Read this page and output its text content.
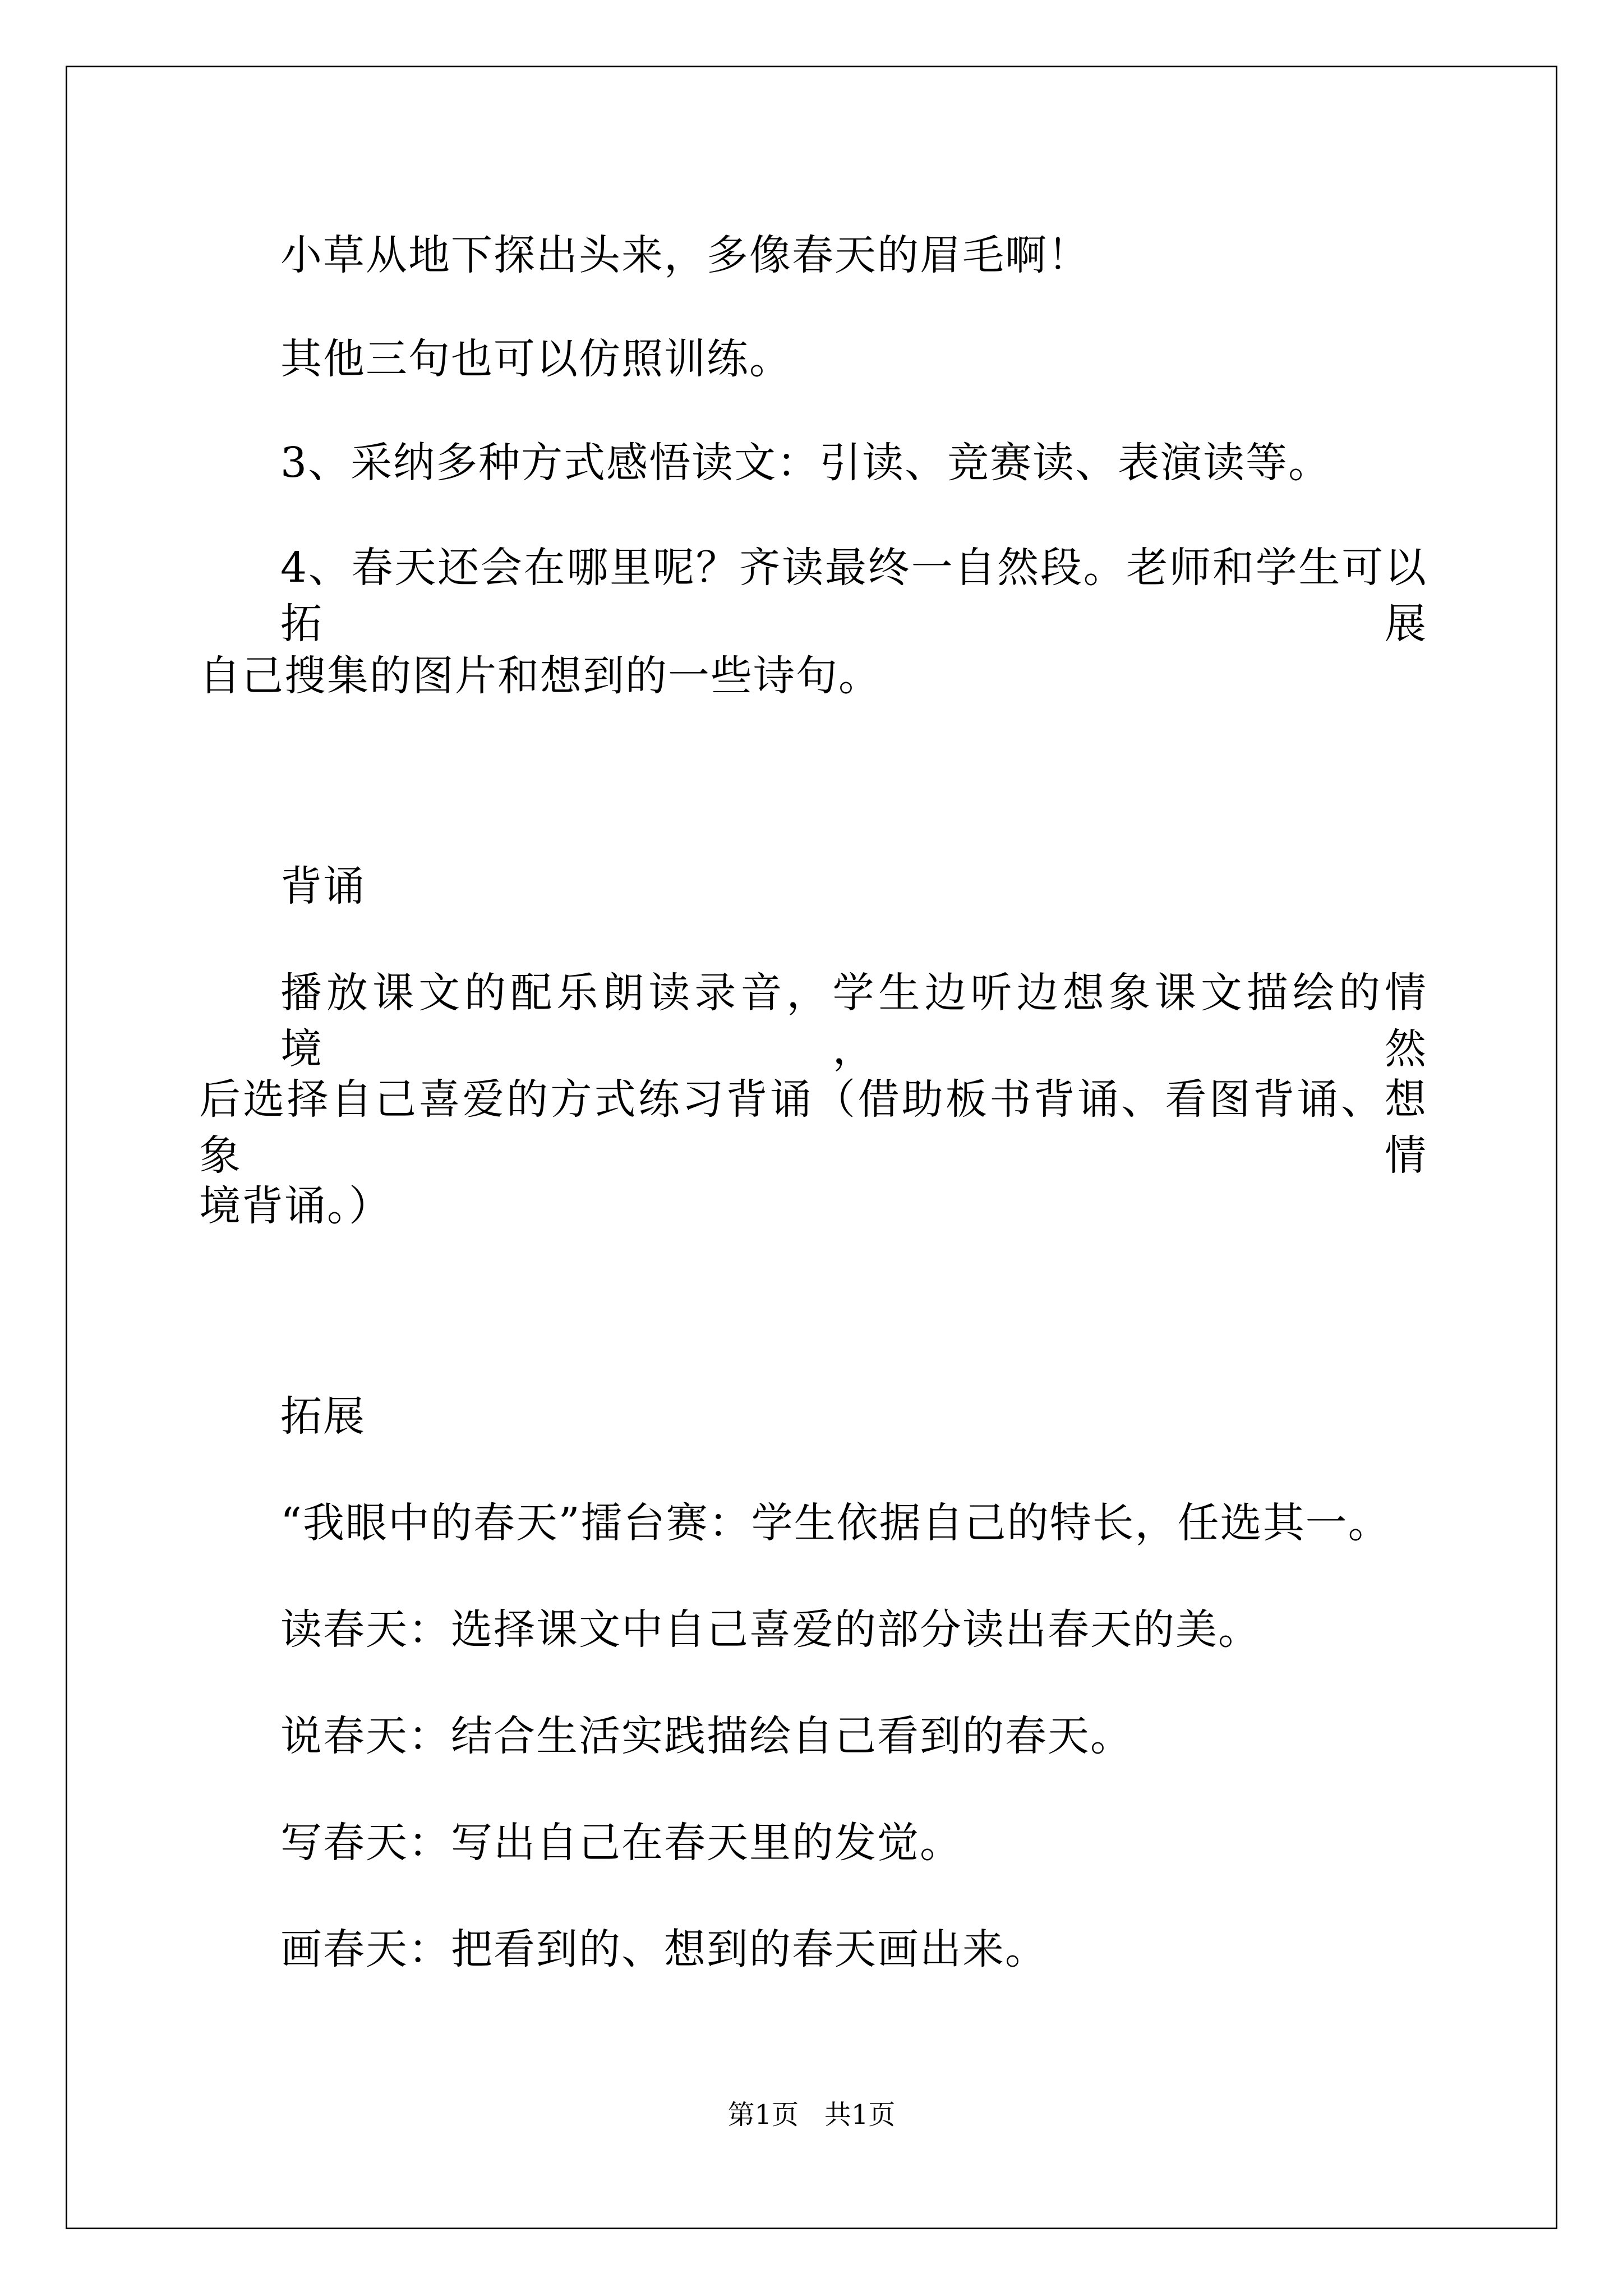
小草从地下探出头来，多像春天的眉毛啊！
其他三句也可以仿照训练。
3、采纳多种方式感悟读文：引读、竞赛读、表演读等。
4、春天还会在哪里呢？齐读最终一自然段。老师和学生可以拓展
自己搜集的图片和想到的一些诗句。
背诵
播放课文的配乐朗读录音，学生边听边想象课文描绘的情境，然
后选择自己喜爱的方式练习背诵（借助板书背诵、看图背诵、想象情
境背诵。）
拓展
“我眼中的春天”擂台赛：学生依据自己的特长，任选其一。
读春天：选择课文中自己喜爱的部分读出春天的美。
说春天：结合生活实践描绘自己看到的春天。
写春天：写出自己在春天里的发觉。
画春天：把看到的、想到的春天画出来。
第1页   共1页
